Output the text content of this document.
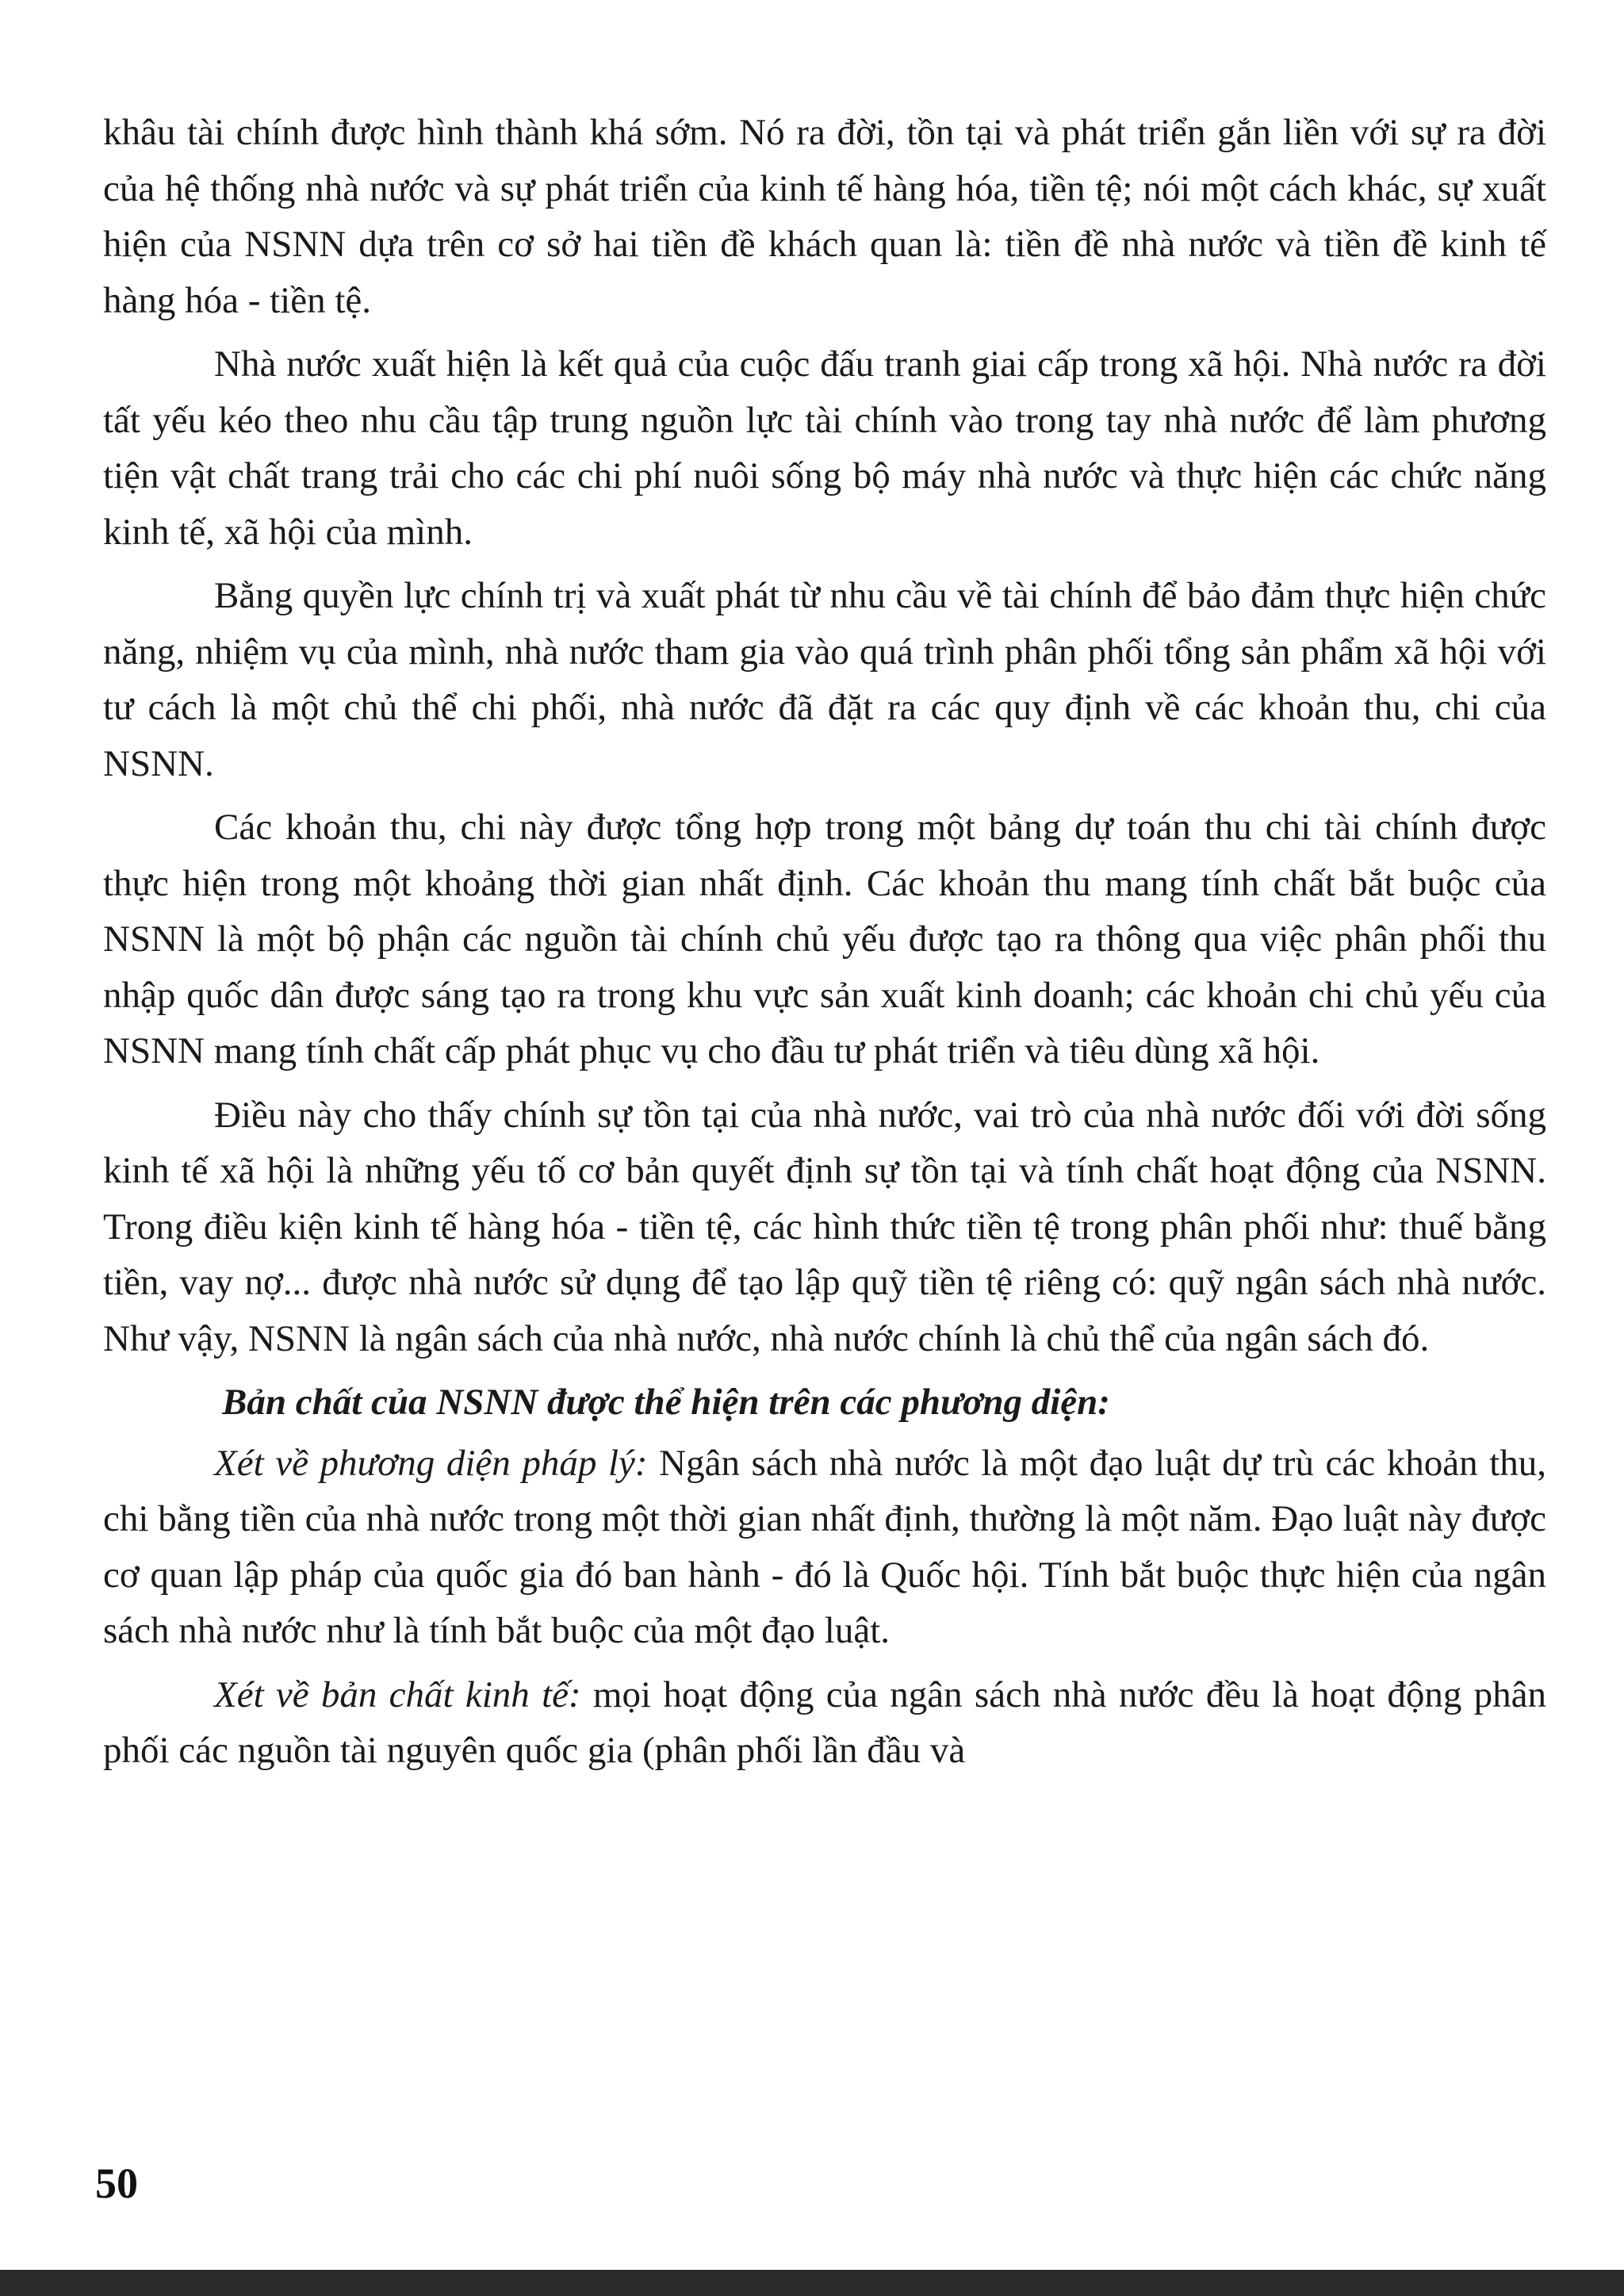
khâu tài chính được hình thành khá sớm. Nó ra đời, tồn tại và phát triển gắn liền với sự ra đời của hệ thống nhà nước và sự phát triển của kinh tế hàng hóa, tiền tệ; nói một cách khác, sự xuất hiện của NSNN dựa trên cơ sở hai tiền đề khách quan là: tiền đề nhà nước và tiền đề kinh tế hàng hóa - tiền tệ.

Nhà nước xuất hiện là kết quả của cuộc đấu tranh giai cấp trong xã hội. Nhà nước ra đời tất yếu kéo theo nhu cầu tập trung nguồn lực tài chính vào trong tay nhà nước để làm phương tiện vật chất trang trải cho các chi phí nuôi sống bộ máy nhà nước và thực hiện các chức năng kinh tế, xã hội của mình.

Bằng quyền lực chính trị và xuất phát từ nhu cầu về tài chính để bảo đảm thực hiện chức năng, nhiệm vụ của mình, nhà nước tham gia vào quá trình phân phối tổng sản phẩm xã hội với tư cách là một chủ thể chi phối, nhà nước đã đặt ra các quy định về các khoản thu, chi của NSNN.

Các khoản thu, chi này được tổng hợp trong một bảng dự toán thu chi tài chính được thực hiện trong một khoảng thời gian nhất định. Các khoản thu mang tính chất bắt buộc của NSNN là một bộ phận các nguồn tài chính chủ yếu được tạo ra thông qua việc phân phối thu nhập quốc dân được sáng tạo ra trong khu vực sản xuất kinh doanh; các khoản chi chủ yếu của NSNN mang tính chất cấp phát phục vụ cho đầu tư phát triển và tiêu dùng xã hội.

Điều này cho thấy chính sự tồn tại của nhà nước, vai trò của nhà nước đối với đời sống kinh tế xã hội là những yếu tố cơ bản quyết định sự tồn tại và tính chất hoạt động của NSNN. Trong điều kiện kinh tế hàng hóa - tiền tệ, các hình thức tiền tệ trong phân phối như: thuế bằng tiền, vay nợ... được nhà nước sử dụng để tạo lập quỹ tiền tệ riêng có: quỹ ngân sách nhà nước. Như vậy, NSNN là ngân sách của nhà nước, nhà nước chính là chủ thể của ngân sách đó.

Bản chất của NSNN được thể hiện trên các phương diện:

Xét về phương diện pháp lý: Ngân sách nhà nước là một đạo luật dự trù các khoản thu, chi bằng tiền của nhà nước trong một thời gian nhất định, thường là một năm. Đạo luật này được cơ quan lập pháp của quốc gia đó ban hành - đó là Quốc hội. Tính bắt buộc thực hiện của ngân sách nhà nước như là tính bắt buộc của một đạo luật.

Xét về bản chất kinh tế: mọi hoạt động của ngân sách nhà nước đều là hoạt động phân phối các nguồn tài nguyên quốc gia (phân phối lần đầu và

50
